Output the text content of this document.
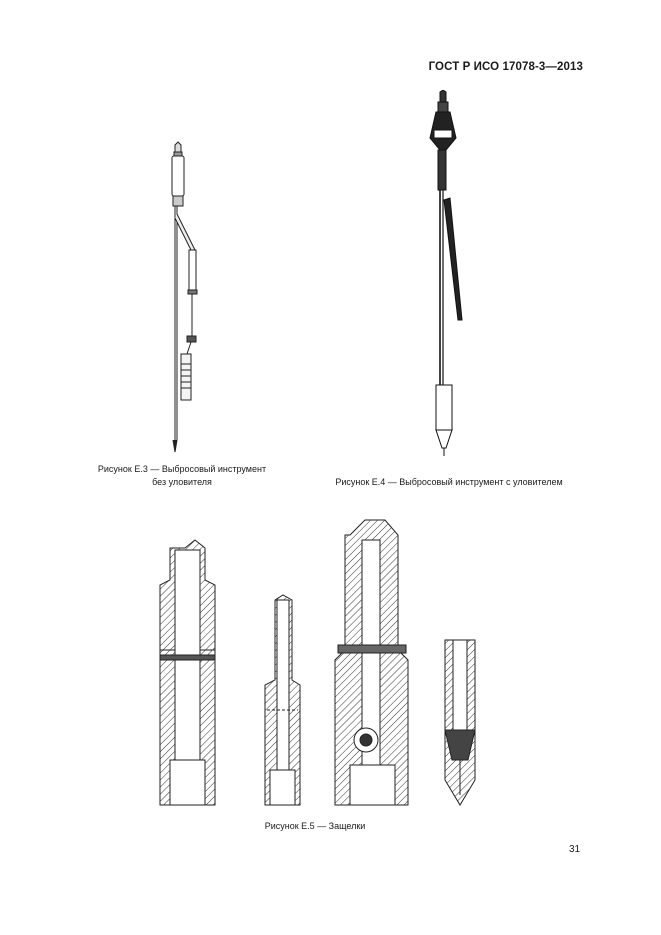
ГОСТ Р ИСО 17078-3—2013
Рисунок Е.3 — Выбросовый инструмент
без уловителя	Рисунок Е.4 — Выбросовый инструмент с уловителем
Рисунок Е.5 — Защелки
31
